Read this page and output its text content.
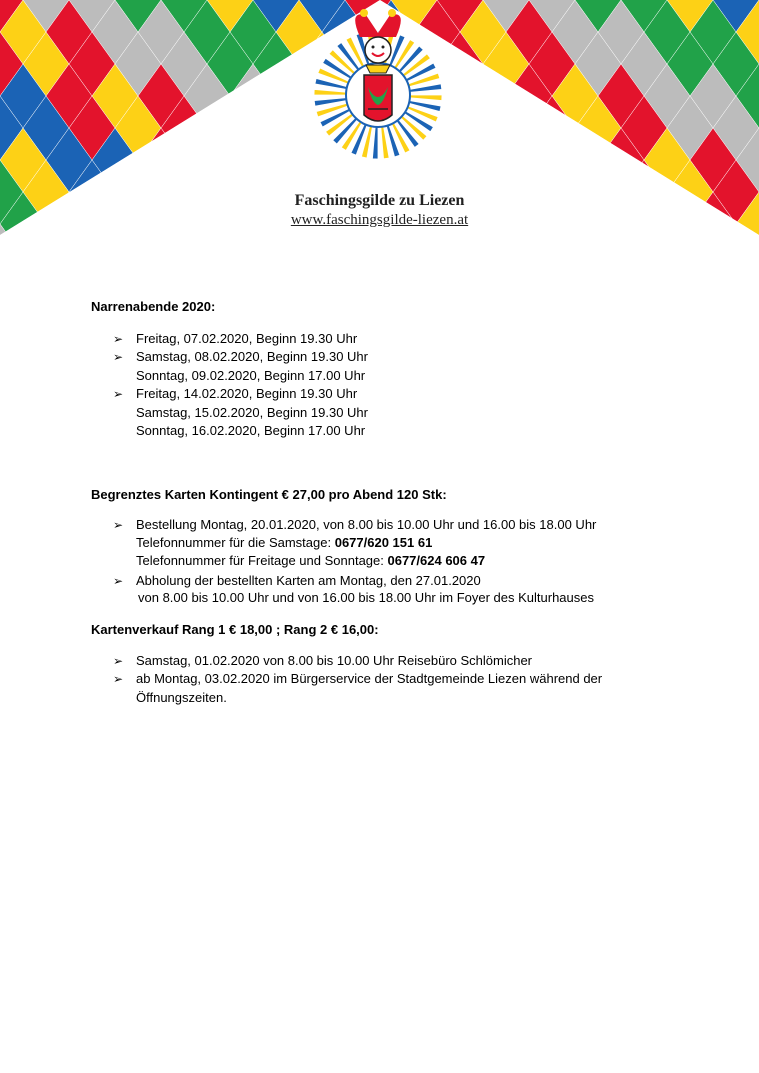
Faschingsgilde zu Liezen
www.faschingsgilde-liezen.at
Narrenabende 2020:
➢ Freitag, 07.02.2020, Beginn 19.30 Uhr
➢ Samstag, 08.02.2020, Beginn 19.30 Uhr
Sonntag, 09.02.2020, Beginn 17.00 Uhr
➢ Freitag, 14.02.2020, Beginn 19.30 Uhr
Samstag, 15.02.2020, Beginn 19.30 Uhr
Sonntag, 16.02.2020, Beginn 17.00 Uhr
Begrenztes Karten Kontingent € 27,00 pro Abend 120 Stk:
➢ Bestellung Montag, 20.01.2020, von 8.00 bis 10.00 Uhr und 16.00 bis 18.00 Uhr
Telefonnummer für die Samstage: 0677/620 151 61
Telefonnummer für Freitage und Sonntage: 0677/624 606 47
➢ Abholung der bestellten Karten am Montag, den 27.01.2020
von 8.00 bis 10.00 Uhr und von 16.00 bis 18.00 Uhr im Foyer des Kulturhauses
Kartenverkauf Rang 1 € 18,00 ; Rang 2 € 16,00:
➢ Samstag, 01.02.2020 von 8.00 bis 10.00 Uhr Reisebüro Schlömicher
➢ ab Montag, 03.02.2020 im Bürgerservice der Stadtgemeinde Liezen während der
Öffnungszeiten.
